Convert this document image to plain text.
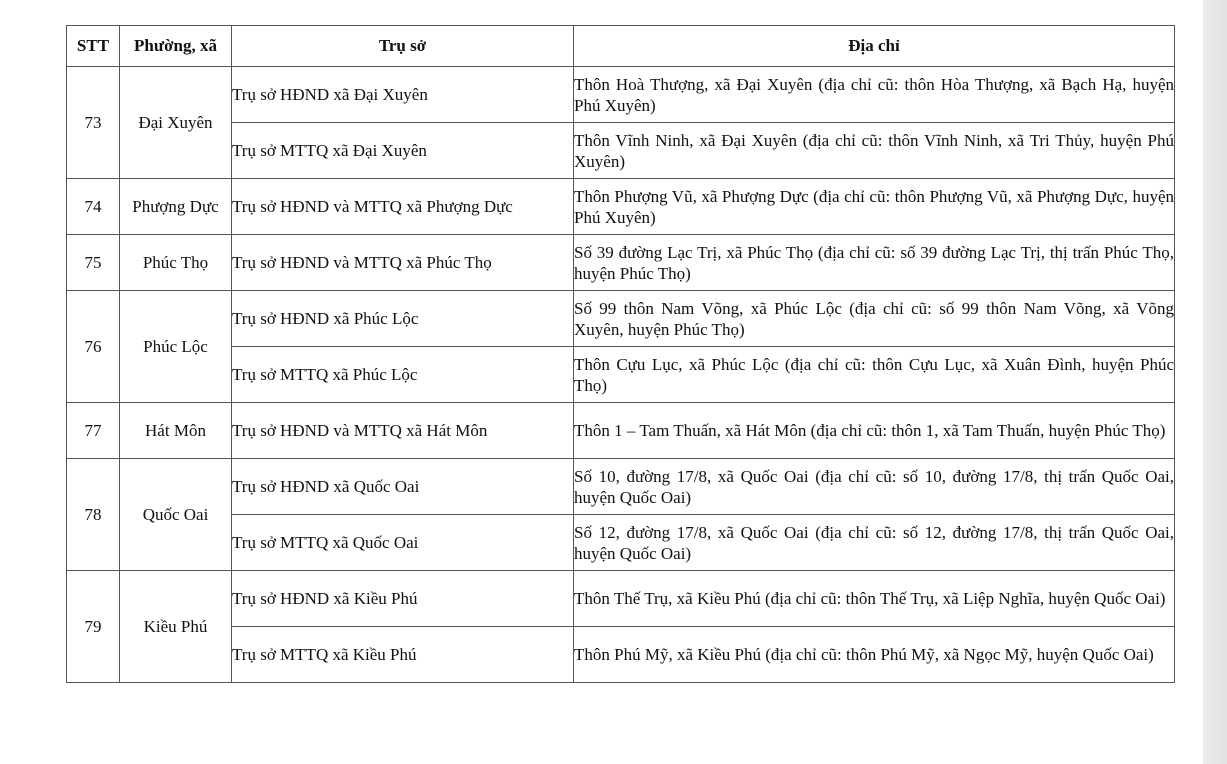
STT	Phường, xã	Trụ sở	Địa chỉ
73	Đại Xuyên	Trụ sở HĐND xã Đại Xuyên	Thôn Hoà Thượng, xã Đại Xuyên (địa chỉ cũ: thôn Hòa Thượng, xã Bạch Hạ, huyện Phú Xuyên)
		Trụ sở MTTQ xã Đại Xuyên	Thôn Vĩnh Ninh, xã Đại Xuyên (địa chỉ cũ: thôn Vĩnh Ninh, xã Tri Thủy, huyện Phú Xuyên)
74	Phượng Dực	Trụ sở HĐND và MTTQ xã Phượng Dực	Thôn Phượng Vũ, xã Phượng Dực (địa chỉ cũ: thôn Phượng Vũ, xã Phượng Dực, huyện Phú Xuyên)
75	Phúc Thọ	Trụ sở HĐND và MTTQ xã Phúc Thọ	Số 39 đường Lạc Trị, xã Phúc Thọ (địa chỉ cũ: số 39 đường Lạc Trị, thị trấn Phúc Thọ, huyện Phúc Thọ)
76	Phúc Lộc	Trụ sở HĐND xã Phúc Lộc	Số 99 thôn Nam Võng, xã Phúc Lộc (địa chỉ cũ: số 99 thôn Nam Võng, xã Võng Xuyên, huyện Phúc Thọ)
		Trụ sở MTTQ xã Phúc Lộc	Thôn Cựu Lục, xã Phúc Lộc (địa chỉ cũ: thôn Cựu Lục, xã Xuân Đình, huyện Phúc Thọ)
77	Hát Môn	Trụ sở HĐND và MTTQ xã Hát Môn	Thôn 1 – Tam Thuấn, xã Hát Môn (địa chỉ cũ: thôn 1, xã Tam Thuấn, huyện Phúc Thọ)
78	Quốc Oai	Trụ sở HĐND xã Quốc Oai	Số 10, đường 17/8, xã Quốc Oai (địa chỉ cũ: số 10, đường 17/8, thị trấn Quốc Oai, huyện Quốc Oai)
		Trụ sở MTTQ xã Quốc Oai	Số 12, đường 17/8, xã Quốc Oai (địa chỉ cũ: số 12, đường 17/8, thị trấn Quốc Oai, huyện Quốc Oai)
79	Kiều Phú	Trụ sở HĐND xã Kiều Phú	Thôn Thế Trụ, xã Kiều Phú (địa chỉ cũ: thôn Thế Trụ, xã Liệp Nghĩa, huyện Quốc Oai)
		Trụ sở MTTQ xã Kiều Phú	Thôn Phú Mỹ, xã Kiều Phú (địa chỉ cũ: thôn Phú Mỹ, xã Ngọc Mỹ, huyện Quốc Oai)
